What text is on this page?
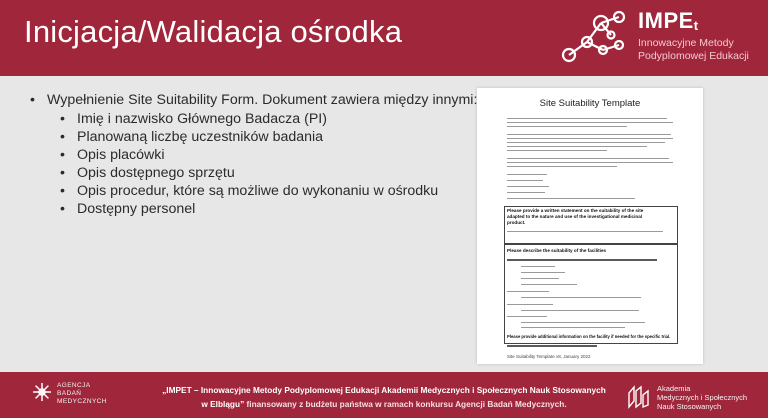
Inicjacja/Walidacja ośrodka	IMPEt
Innowacyjne Metody
Podyplomowej Edukacji
• Wypełnienie Site Suitability Form. Dokument zawiera między innymi:
• Imię i nazwisko Głównego Badacza (PI)
• Planowaną liczbę uczestników badania
• Opis placówki
• Opis dostępnego sprzętu
• Opis procedur, które są możliwe do wykonaniu w ośrodku
• Dostępny personel
Site Suitability Template
Please provide a written statement on the suitability of the site
adapted to the nature and use of the investigational medicinal
product.
Please describe the suitability of the facilities
Please provide additional information on the facility if needed for the specific trial.
Site Suitability Template v8, January 2022
AGENCJA
BADAŃ
MEDYCZNYCH
„IMPET – Innowacyjne Metody Podyplomowej Edukacji Akademii Medycznych i Społecznych Nauk Stosowanych
w Elblągu” finansowany z budżetu państwa w ramach konkursu Agencji Badań Medycznych.
Akademia
Medycznych i Społecznych
Nauk Stosowanych
